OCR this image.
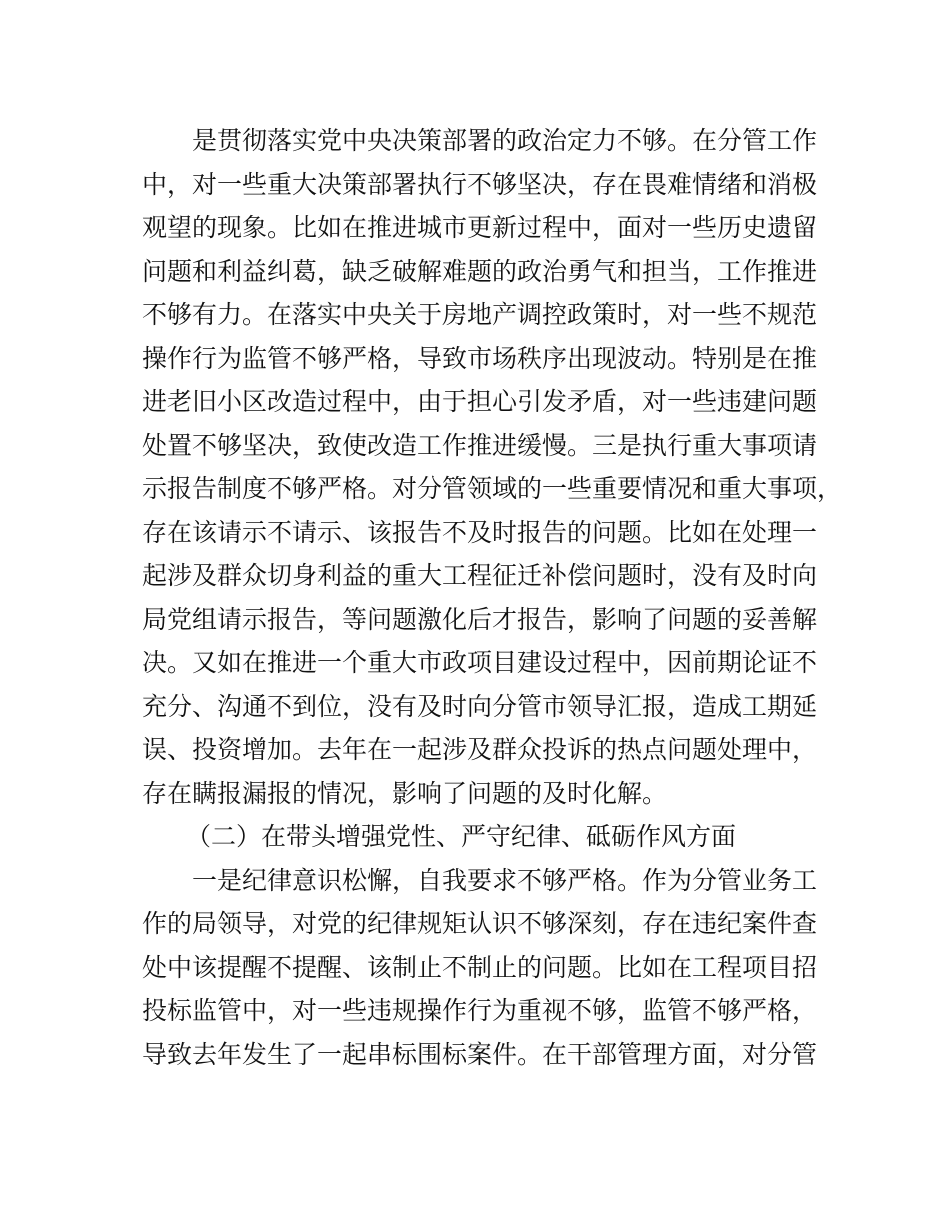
是贯彻落实党中央决策部署的政治定力不够。在分管工作
中，对一些重大决策部署执行不够坚决，存在畏难情绪和消极
观望的现象。比如在推进城市更新过程中，面对一些历史遗留
问题和利益纠葛，缺乏破解难题的政治勇气和担当，工作推进
不够有力。在落实中央关于房地产调控政策时，对一些不规范
操作行为监管不够严格，导致市场秩序出现波动。特别是在推
进老旧小区改造过程中，由于担心引发矛盾，对一些违建问题
处置不够坚决，致使改造工作推进缓慢。三是执行重大事项请
示报告制度不够严格。对分管领域的一些重要情况和重大事项，
存在该请示不请示、该报告不及时报告的问题。比如在处理一
起涉及群众切身利益的重大工程征迁补偿问题时，没有及时向
局党组请示报告，等问题激化后才报告，影响了问题的妥善解
决。又如在推进一个重大市政项目建设过程中，因前期论证不
充分、沟通不到位，没有及时向分管市领导汇报，造成工期延
误、投资增加。去年在一起涉及群众投诉的热点问题处理中，
存在瞒报漏报的情况，影响了问题的及时化解。
（二）在带头增强党性、严守纪律、砥砺作风方面
一是纪律意识松懈，自我要求不够严格。作为分管业务工
作的局领导，对党的纪律规矩认识不够深刻，存在违纪案件查
处中该提醒不提醒、该制止不制止的问题。比如在工程项目招
投标监管中，对一些违规操作行为重视不够，监管不够严格，
导致去年发生了一起串标围标案件。在干部管理方面，对分管
